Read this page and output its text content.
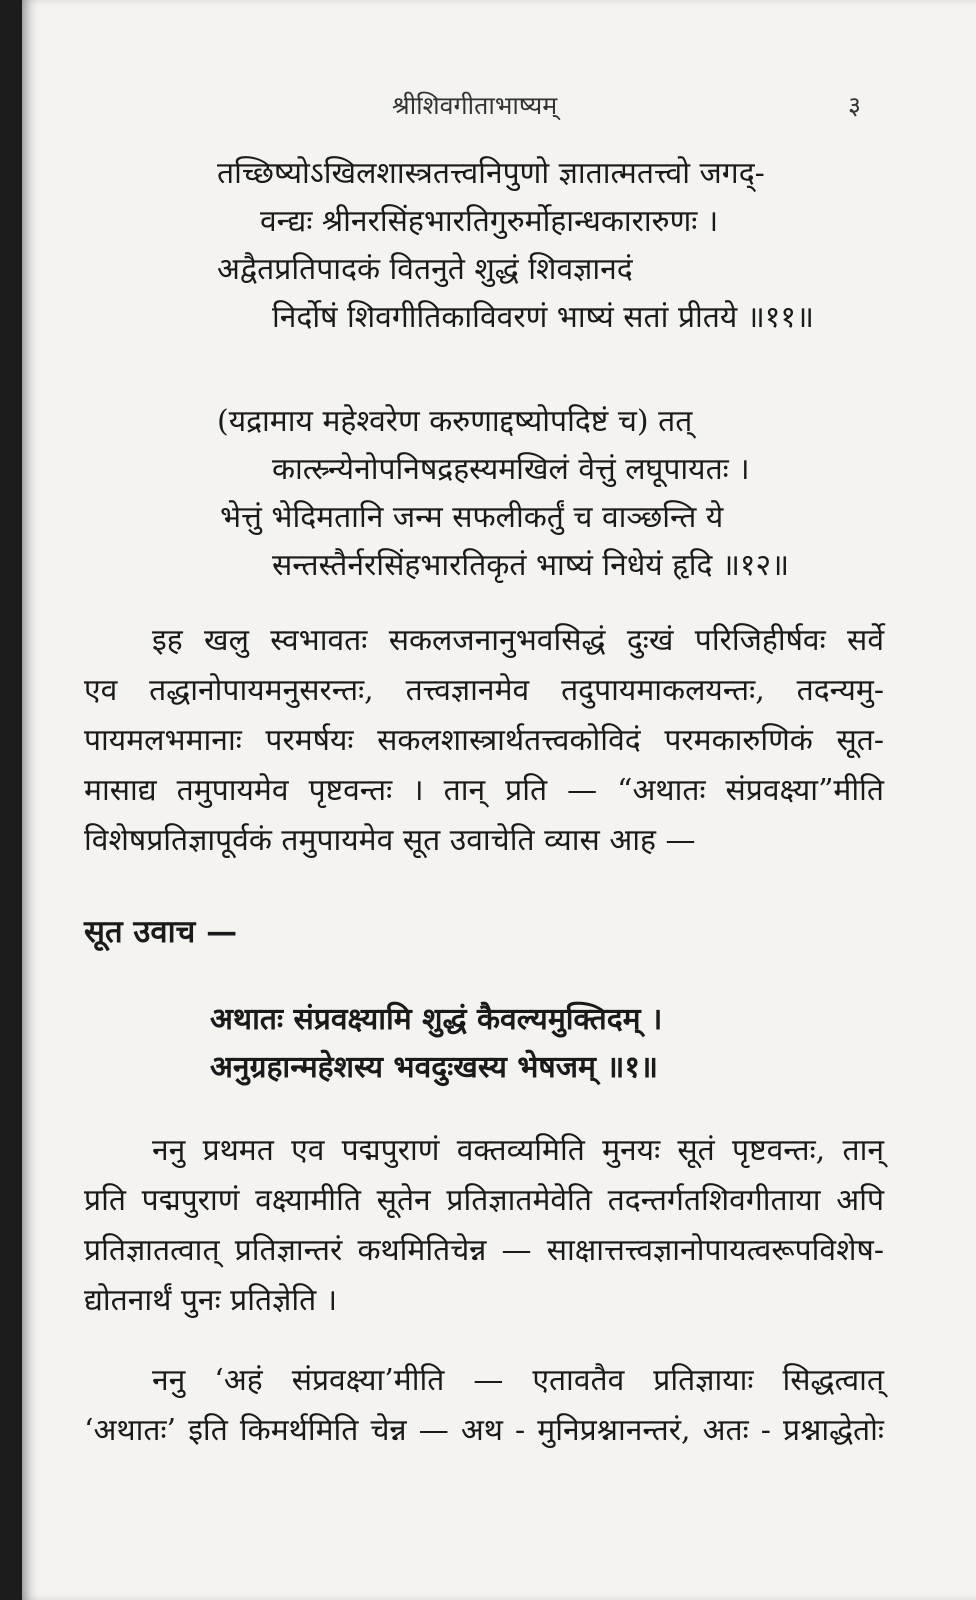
श्रीशिवगीताभाष्यम्	३
तच्छिष्योऽखिलशास्त्रतत्त्वनिपुणो ज्ञातात्मतत्त्वो जगद्-
वन्द्यः श्रीनरसिंहभारतिगुरुर्मोहान्धकारारुणः ।
अद्वैतप्रतिपादकं वितनुते शुद्धं शिवज्ञानदं
निर्दोषं शिवगीतिकाविवरणं भाष्यं सतां प्रीतये ॥११॥
(यद्रामाय महेश्वरेण करुणाद्दष्योपदिष्टं च) तत्
कात्स्र्न्येनोपनिषद्रहस्यमखिलं वेत्तुं लघूपायतः ।
भेत्तुं भेदिमतानि जन्म सफलीकर्तुं च वाञ्छन्ति ये
सन्तस्तैर्नरसिंहभारतिकृतं भाष्यं निधेयं हृदि ॥१२॥
इह खलु स्वभावतः सकलजनानुभवसिद्धं दुःखं परिजिहीर्षवः सर्वे
एव तद्धानोपायमनुसरन्तः, तत्त्वज्ञानमेव तदुपायमाकलयन्तः, तदन्यमु-
पायमलभमानाः परमर्षयः सकलशास्त्रार्थतत्त्वकोविदं परमकारुणिकं सूत-
मासाद्य तमुपायमेव पृष्टवन्तः । तान् प्रति — “अथातः संप्रवक्ष्या”मीति
विशेषप्रतिज्ञापूर्वकं तमुपायमेव सूत उवाचेति व्यास आह —
सूत उवाच —
अथातः संप्रवक्ष्यामि शुद्धं कैवल्यमुक्तिदम् ।
अनुग्रहान्महेशस्य भवदुःखस्य भेषजम् ॥१॥
ननु प्रथमत एव पद्मपुराणं वक्तव्यमिति मुनयः सूतं पृष्टवन्तः, तान्
प्रति पद्मपुराणं वक्ष्यामीति सूतेन प्रतिज्ञातमेवेति तदन्तर्गतशिवगीताया अपि
प्रतिज्ञातत्वात् प्रतिज्ञान्तरं कथमितिचेन्न — साक्षात्तत्त्वज्ञानोपायत्वरूपविशेष-
द्योतनार्थं पुनः प्रतिज्ञेति ।
ननु ‘अहं संप्रवक्ष्या’मीति — एतावतैव प्रतिज्ञायाः सिद्धत्वात्
‘अथातः’ इति किमर्थमिति चेन्न — अथ - मुनिप्रश्नानन्तरं, अतः - प्रश्नाद्धेतोः
